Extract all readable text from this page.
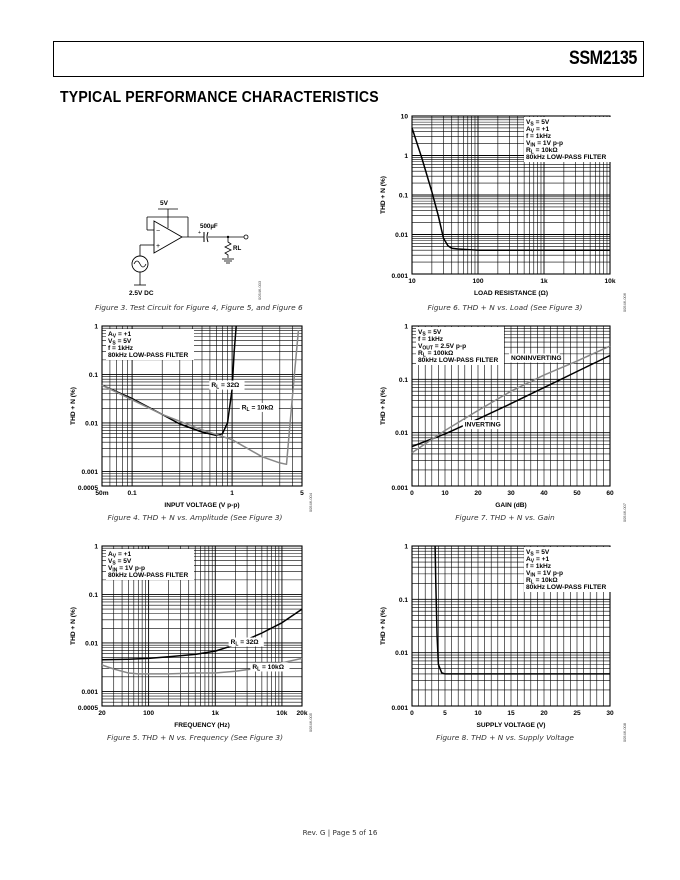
SSM2135
TYPICAL PERFORMANCE CHARACTERISTICS
5V
−
+
500µF
+
RL
2.5V DC	00546-003
Figure 3. Test Circuit for Figure 4, Figure 5, and Figure 6
$A_V = +1$
$V_S = 5V$
f = 1kHz
80kHz LOW-PASS FILTER
$R_L = 32\Omega$
$R_L = 10k\Omega$
50m	0.1	1	5
1
0.1
0.01
0.001
0.0005
INPUT VOLTAGE (V p-p)
THD + N (%)
00546-004
Figure 4. THD + N vs. Amplitude (See Figure 3)
$A_V = +1$
$V_S = 5V$
$V_{IN} = 1V$ p-p
80kHz LOW-PASS FILTER
$R_L = 32\Omega$
$R_L = 10k\Omega$
20	100	1k	10k 20k
1
0.1
0.01
0.001
0.0005
FREQUENCY (Hz)
THD + N (%)
00546-005
Figure 5. THD + N vs. Frequency (See Figure 3)
$V_S = 5V$
$A_V = +1$
f = 1kHz
$V_{IN} = 1V$ p-p
$R_L = 10k\Omega$
80kHz LOW-PASS FILTER
10	100	1k	10k
10
1
0.1
0.01
0.001
LOAD RESISTANCE (Ω)
THD + N (%)
00546-006
Figure 6. THD + N vs. Load (See Figure 3)
$V_S = 5V$
f = 1kHz
$V_{OUT} = 2.5V$ p-p
$R_L = 100k\Omega$
80kHz LOW-PASS FILTER NONINVERTING
INVERTING
0	10	20	30	40	50	60
1
0.1
0.01
0.001
GAIN (dB)
THD + N (%)
00546-007
Figure 7. THD + N vs. Gain
$V_S = 5V$
$A_V = +1$
f = 1kHz
$V_{IN} = 1V$ p-p
$R_L = 10k\Omega$
80kHz LOW-PASS FILTER
0	5	10	15	20	25	30
1
0.1
0.01
0.001
SUPPLY VOLTAGE (V)
THD + N (%)
00546-008
Figure 8. THD + N vs. Supply Voltage
Rev. G | Page 5 of 16
